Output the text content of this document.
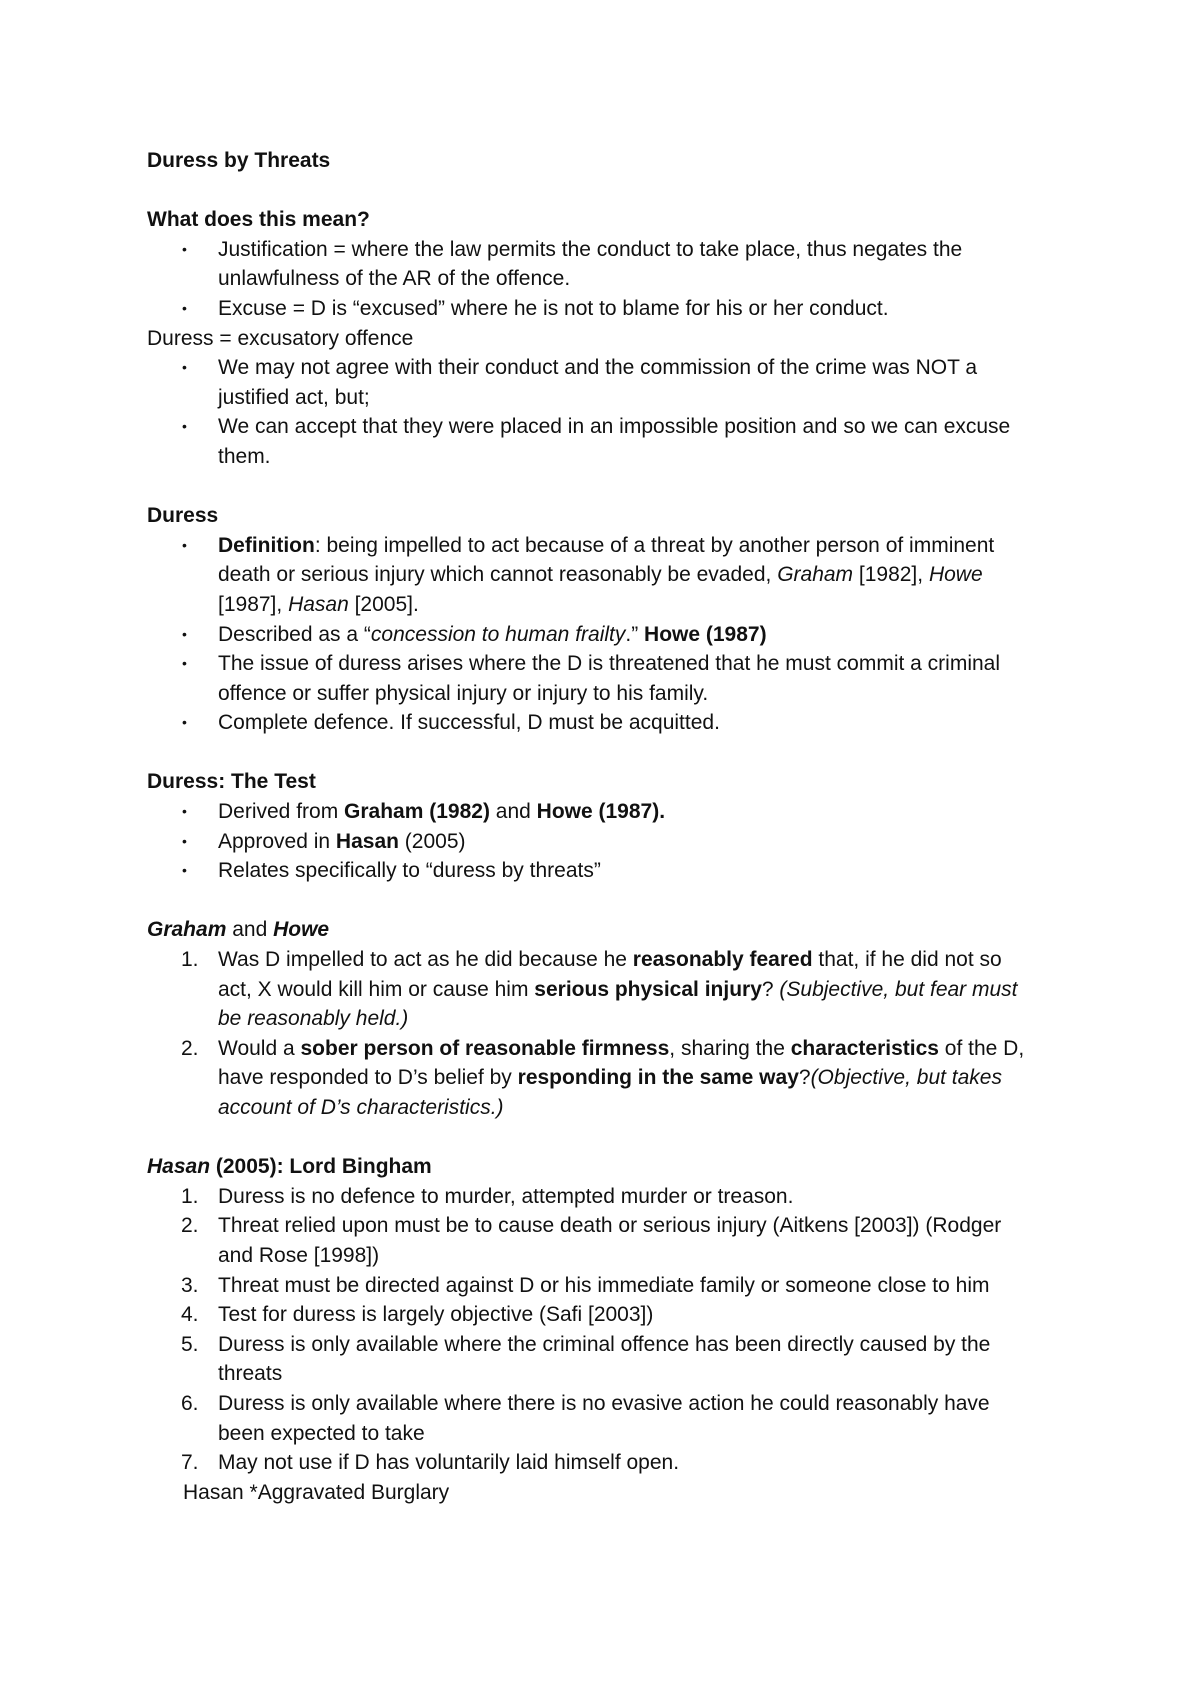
Duress by Threats
What does this mean?
• Justification = where the law permits the conduct to take place, thus negates the
unlawfulness of the AR of the offence.
• Excuse = D is “excused” where he is not to blame for his or her conduct.
Duress = excusatory offence
• We may not agree with their conduct and the commission of the crime was NOT a
justified act, but;
• We can accept that they were placed in an impossible position and so we can excuse
them.
Duress
• Definition: being impelled to act because of a threat by another person of imminent
death or serious injury which cannot reasonably be evaded, Graham [1982], Howe
[1987], Hasan [2005].
• Described as a “concession to human frailty.” Howe (1987)
• The issue of duress arises where the D is threatened that he must commit a criminal
offence or suffer physical injury or injury to his family.
• Complete defence. If successful, D must be acquitted.
Duress: The Test
• Derived from Graham (1982) and Howe (1987).
• Approved in Hasan (2005)
• Relates specifically to “duress by threats”
Graham and Howe
1. Was D impelled to act as he did because he reasonably feared that, if he did not so
act, X would kill him or cause him serious physical injury? (Subjective, but fear must
be reasonably held.)
2. Would a sober person of reasonable firmness, sharing the characteristics of the D,
have responded to D’s belief by responding in the same way?(Objective, but takes
account of D’s characteristics.)
Hasan (2005): Lord Bingham
1. Duress is no defence to murder, attempted murder or treason.
2. Threat relied upon must be to cause death or serious injury (Aitkens [2003]) (Rodger
and Rose [1998])
3. Threat must be directed against D or his immediate family or someone close to him
4. Test for duress is largely objective (Safi [2003])
5. Duress is only available where the criminal offence has been directly caused by the
threats
6. Duress is only available where there is no evasive action he could reasonably have
been expected to take
7. May not use if D has voluntarily laid himself open.
Hasan *Aggravated Burglary
